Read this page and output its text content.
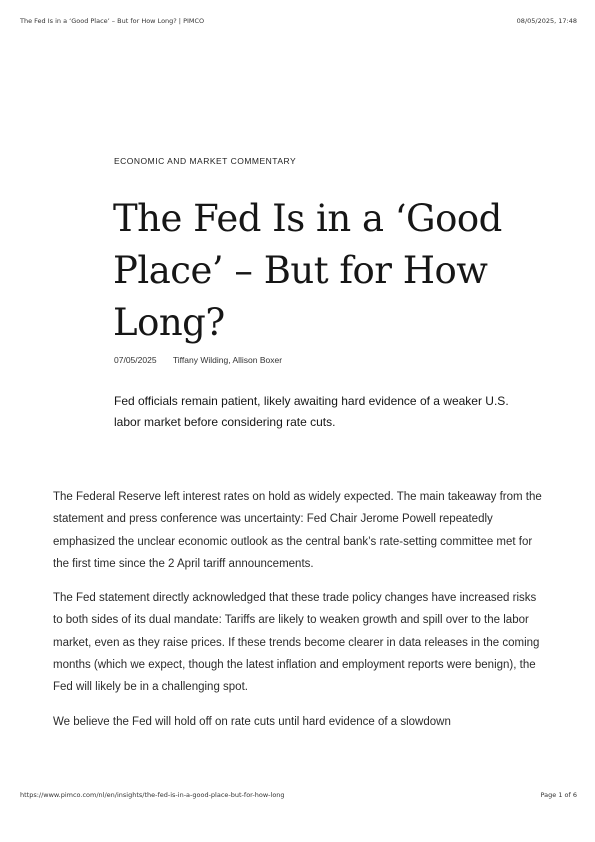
The Fed Is in a ‘Good Place’ – But for How Long? | PIMCO	08/05/2025, 17:48
ECONOMIC AND MARKET COMMENTARY
The Fed Is in a ‘Good Place’ – But for How Long?
07/05/2025 Tiffany Wilding, Allison Boxer

Fed officials remain patient, likely awaiting hard evidence of a weaker U.S. labor market before considering rate cuts.

The Federal Reserve left interest rates on hold as widely expected. The main takeaway from the statement and press conference was uncertainty: Fed Chair Jerome Powell repeatedly emphasized the unclear economic outlook as the central bank’s rate-setting committee met for the first time since the 2 April tariff announcements.

The Fed statement directly acknowledged that these trade policy changes have increased risks to both sides of its dual mandate: Tariffs are likely to weaken growth and spill over to the labor market, even as they raise prices. If these trends become clearer in data releases in the coming months (which we expect, though the latest inflation and employment reports were benign), the Fed will likely be in a challenging spot.

We believe the Fed will hold off on rate cuts until hard evidence of a slowdown

https://www.pimco.com/nl/en/insights/the-fed-is-in-a-good-place-but-for-how-long	Page 1 of 6
